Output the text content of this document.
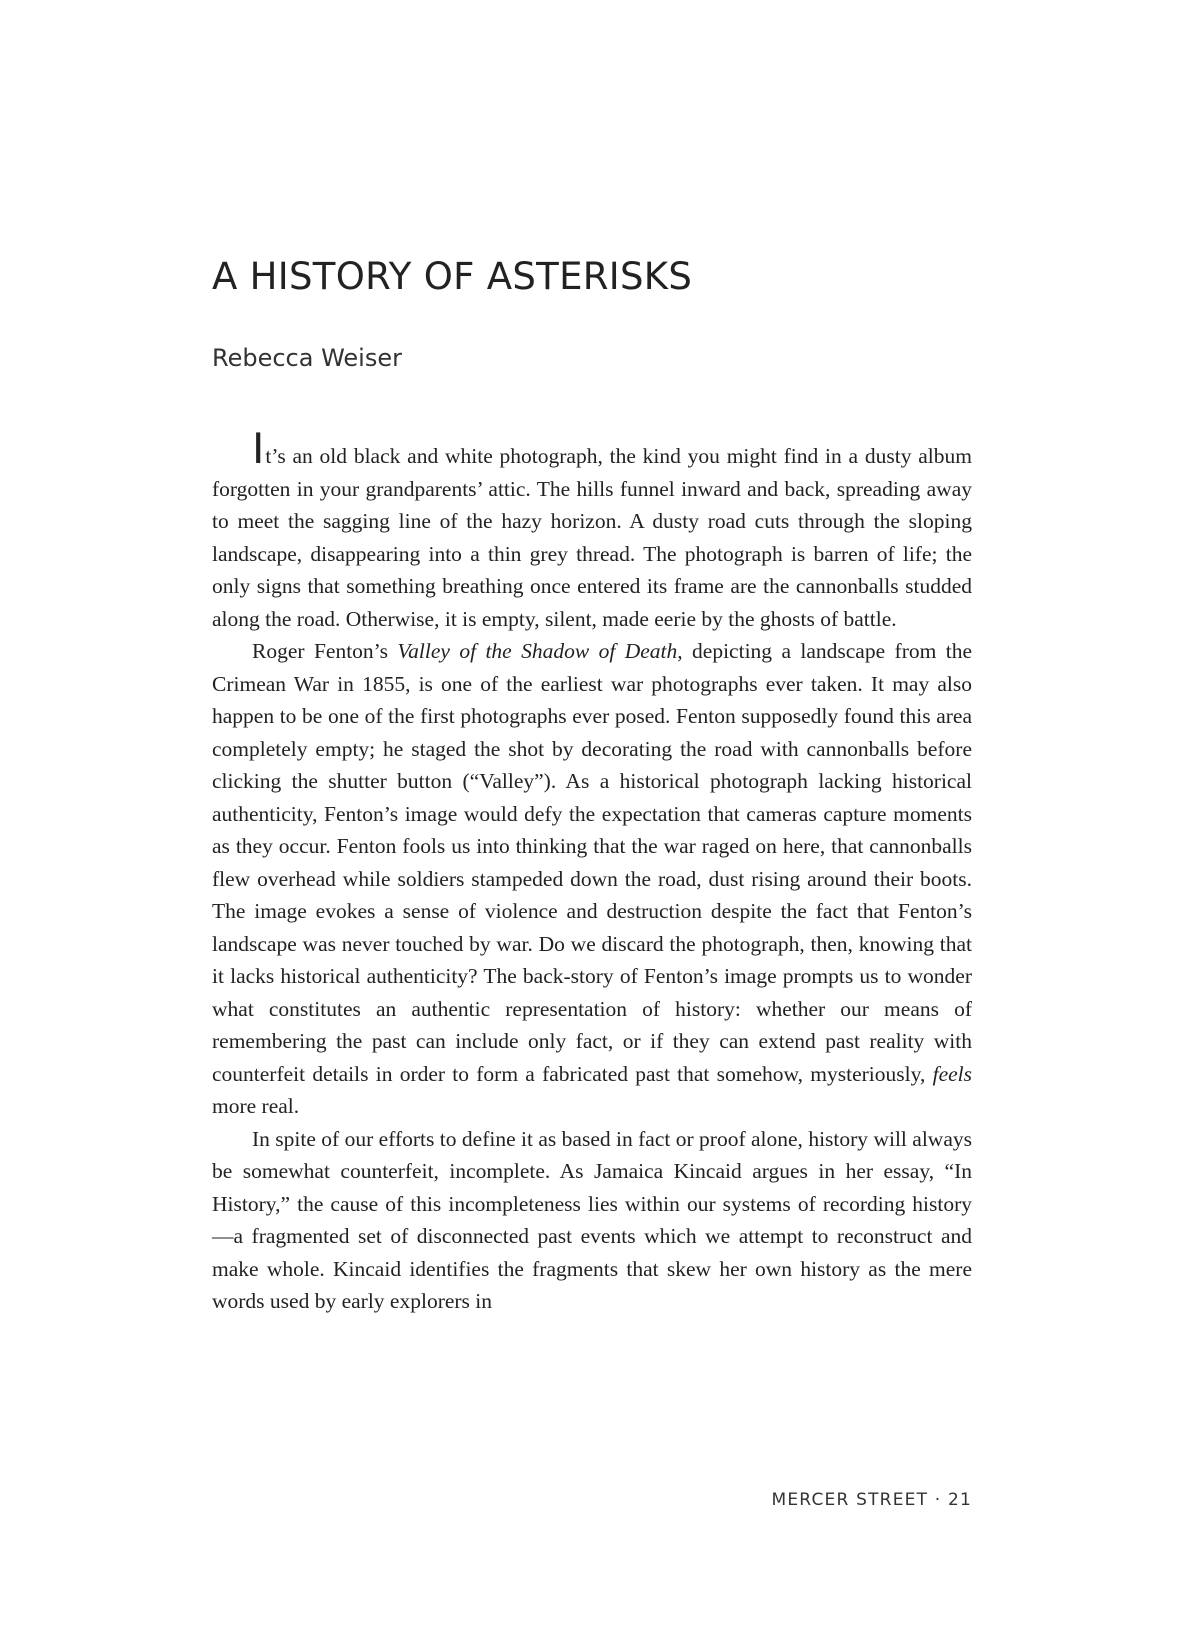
A HISTORY OF ASTERISKS
Rebecca Weiser

It’s an old black and white photograph, the kind you might find in a dusty album forgotten in your grandparents’ attic. The hills funnel inward and back, spreading away to meet the sagging line of the hazy horizon. A dusty road cuts through the sloping landscape, disappearing into a thin grey thread. The photograph is barren of life; the only signs that something breathing once entered its frame are the cannonballs studded along the road. Otherwise, it is empty, silent, made eerie by the ghosts of battle.

Roger Fenton’s Valley of the Shadow of Death, depicting a landscape from the Crimean War in 1855, is one of the earliest war photographs ever taken. It may also happen to be one of the first photographs ever posed. Fenton supposedly found this area completely empty; he staged the shot by decorating the road with cannonballs before clicking the shutter button (“Valley”). As a historical photograph lacking historical authenticity, Fenton’s image would defy the expectation that cameras capture moments as they occur. Fenton fools us into thinking that the war raged on here, that cannonballs flew overhead while soldiers stampeded down the road, dust rising around their boots. The image evokes a sense of violence and destruction despite the fact that Fenton’s landscape was never touched by war. Do we discard the photograph, then, knowing that it lacks historical authenticity? The back-story of Fenton’s image prompts us to wonder what constitutes an authentic representation of history: whether our means of remembering the past can include only fact, or if they can extend past reality with counterfeit details in order to form a fabricated past that somehow, mysteriously, feels more real.

In spite of our efforts to define it as based in fact or proof alone, history will always be somewhat counterfeit, incomplete. As Jamaica Kincaid argues in her essay, “In History,” the cause of this incompleteness lies within our systems of recording history—a fragmented set of disconnected past events which we attempt to reconstruct and make whole. Kincaid identifies the fragments that skew her own history as the mere words used by early explorers in

MERCER STREET · 21
